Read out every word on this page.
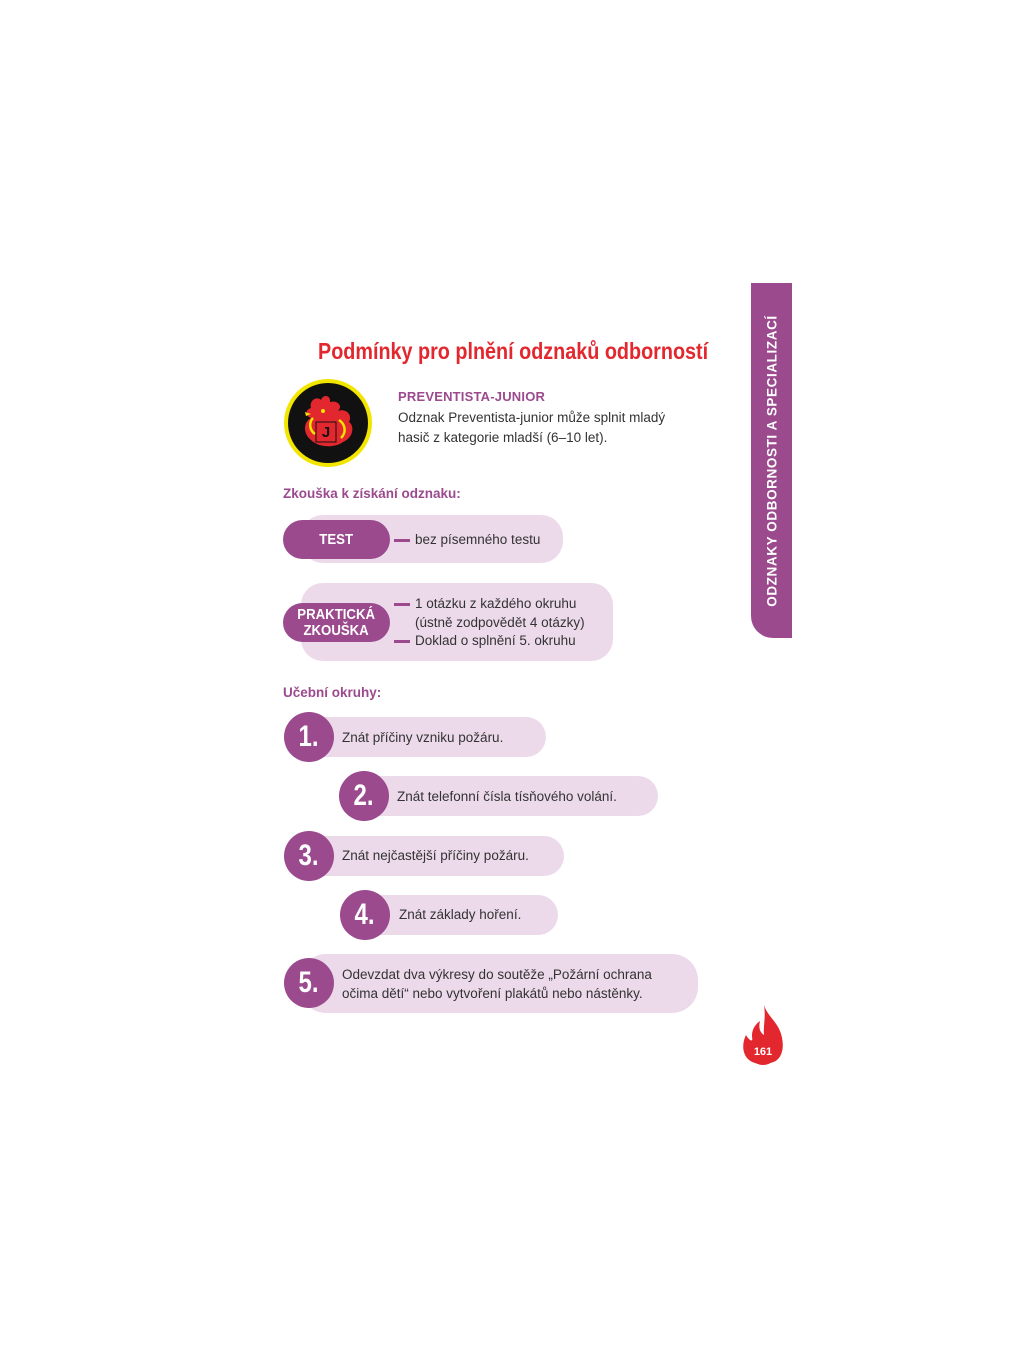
ODZNAKY ODBORNOSTI A SPECIALIZACÍ
Podmínky pro plnění odznaků odborností
J
PREVENTISTA-JUNIOR
Odznak Preventista-junior může splnit mladý hasič z kategorie mladší (6–10 let).
Zkouška k získání odznaku:
TEST	bez písemného testu
PRAKTICKÁ
ZKOUŠKA
1 otázku z každého okruhu
(ústně zodpovědět 4 otázky)
Doklad o splnění 5. okruhu
Učební okruhy:
1. Znát příčiny vzniku požáru.
2. Znát telefonní čísla tísňového volání.
3. Znát nejčastější příčiny požáru.
4. Znát základy hoření.
5. Odevzdat dva výkresy do soutěže „Požární ochrana
očima dětí“ nebo vytvoření plakátů nebo nástěnky.
161
